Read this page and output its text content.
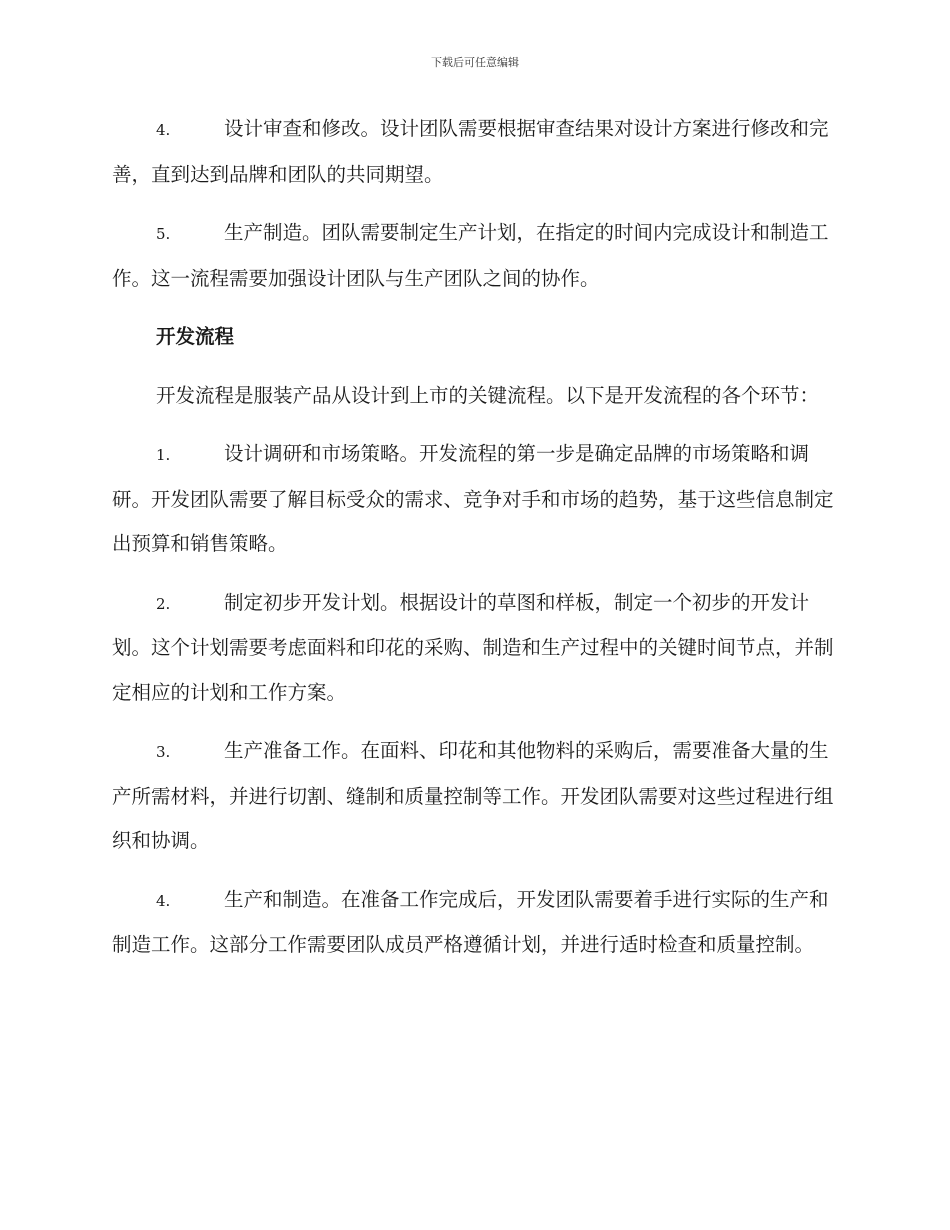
下载后可任意编辑

4.	设计审查和修改。设计团队需要根据审查结果对设计方案进行修改和完善，直到达到品牌和团队的共同期望。

5.	生产制造。团队需要制定生产计划，在指定的时间内完成设计和制造工作。这一流程需要加强设计团队与生产团队之间的协作。

开发流程

开发流程是服装产品从设计到上市的关键流程。以下是开发流程的各个环节：

1.	设计调研和市场策略。开发流程的第一步是确定品牌的市场策略和调研。开发团队需要了解目标受众的需求、竞争对手和市场的趋势，基于这些信息制定出预算和销售策略。

2.	制定初步开发计划。根据设计的草图和样板，制定一个初步的开发计划。这个计划需要考虑面料和印花的采购、制造和生产过程中的关键时间节点，并制定相应的计划和工作方案。

3.	生产准备工作。在面料、印花和其他物料的采购后，需要准备大量的生产所需材料，并进行切割、缝制和质量控制等工作。开发团队需要对这些过程进行组织和协调。

4.	生产和制造。在准备工作完成后，开发团队需要着手进行实际的生产和制造工作。这部分工作需要团队成员严格遵循计划，并进行适时检查和质量控制。
